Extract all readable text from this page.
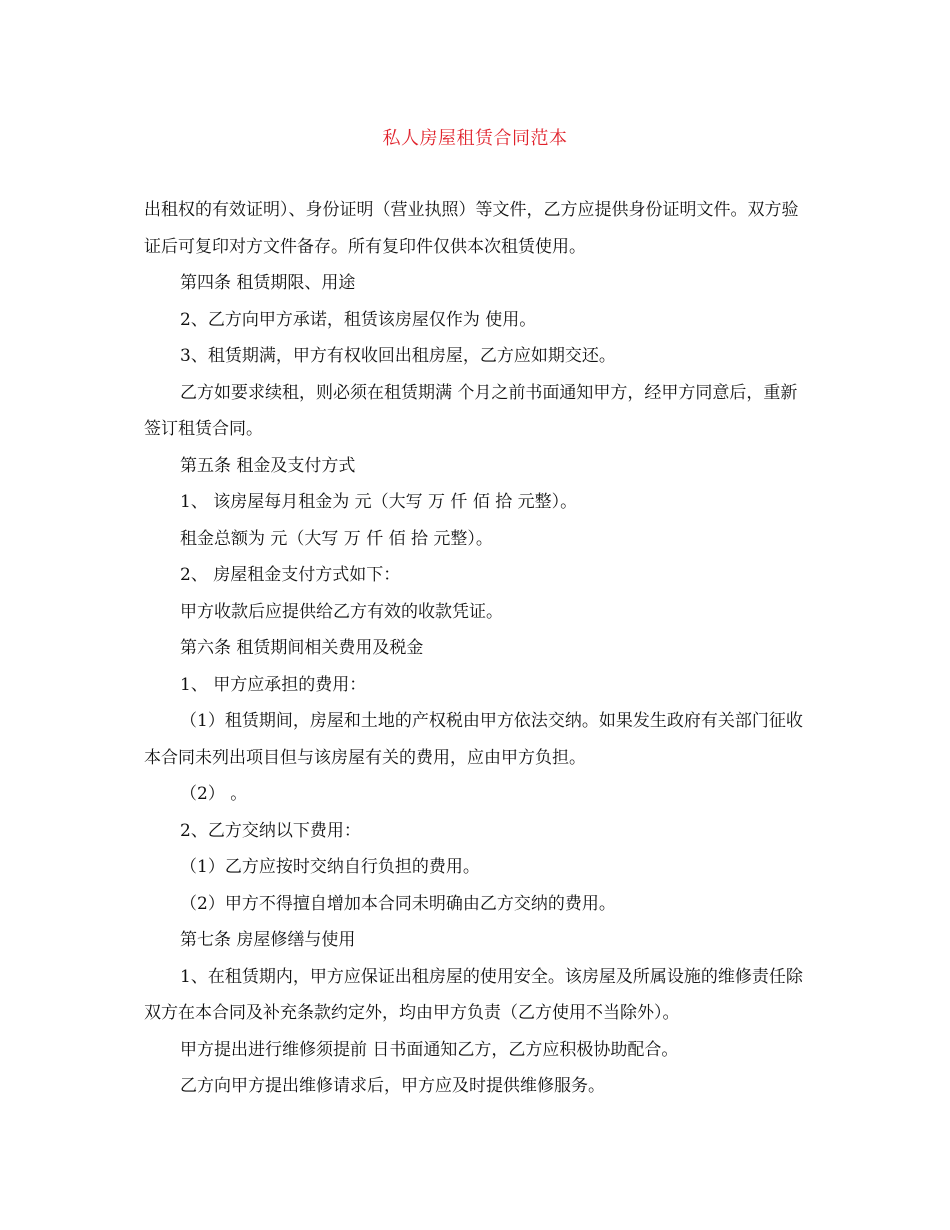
私人房屋租赁合同范本

出租权的有效证明）、身份证明（营业执照）等文件，乙方应提供身份证明文件。双方验证后可复印对方文件备存。所有复印件仅供本次租赁使用。

第四条 租赁期限、用途

2、乙方向甲方承诺，租赁该房屋仅作为 使用。

3、租赁期满，甲方有权收回出租房屋，乙方应如期交还。

乙方如要求续租，则必须在租赁期满 个月之前书面通知甲方，经甲方同意后，重新签订租赁合同。

第五条 租金及支付方式

1、 该房屋每月租金为 元（大写 万 仟 佰 拾 元整）。

租金总额为 元（大写 万 仟 佰 拾 元整）。

2、 房屋租金支付方式如下：

甲方收款后应提供给乙方有效的收款凭证。

第六条 租赁期间相关费用及税金

1、 甲方应承担的费用：

（1）租赁期间，房屋和土地的产权税由甲方依法交纳。如果发生政府有关部门征收本合同未列出项目但与该房屋有关的费用，应由甲方负担。

（2） 。

2、乙方交纳以下费用：

（1）乙方应按时交纳自行负担的费用。

（2）甲方不得擅自增加本合同未明确由乙方交纳的费用。

第七条 房屋修缮与使用

1、在租赁期内，甲方应保证出租房屋的使用安全。该房屋及所属设施的维修责任除双方在本合同及补充条款约定外，均由甲方负责（乙方使用不当除外）。

甲方提出进行维修须提前 日书面通知乙方，乙方应积极协助配合。

乙方向甲方提出维修请求后，甲方应及时提供维修服务。
